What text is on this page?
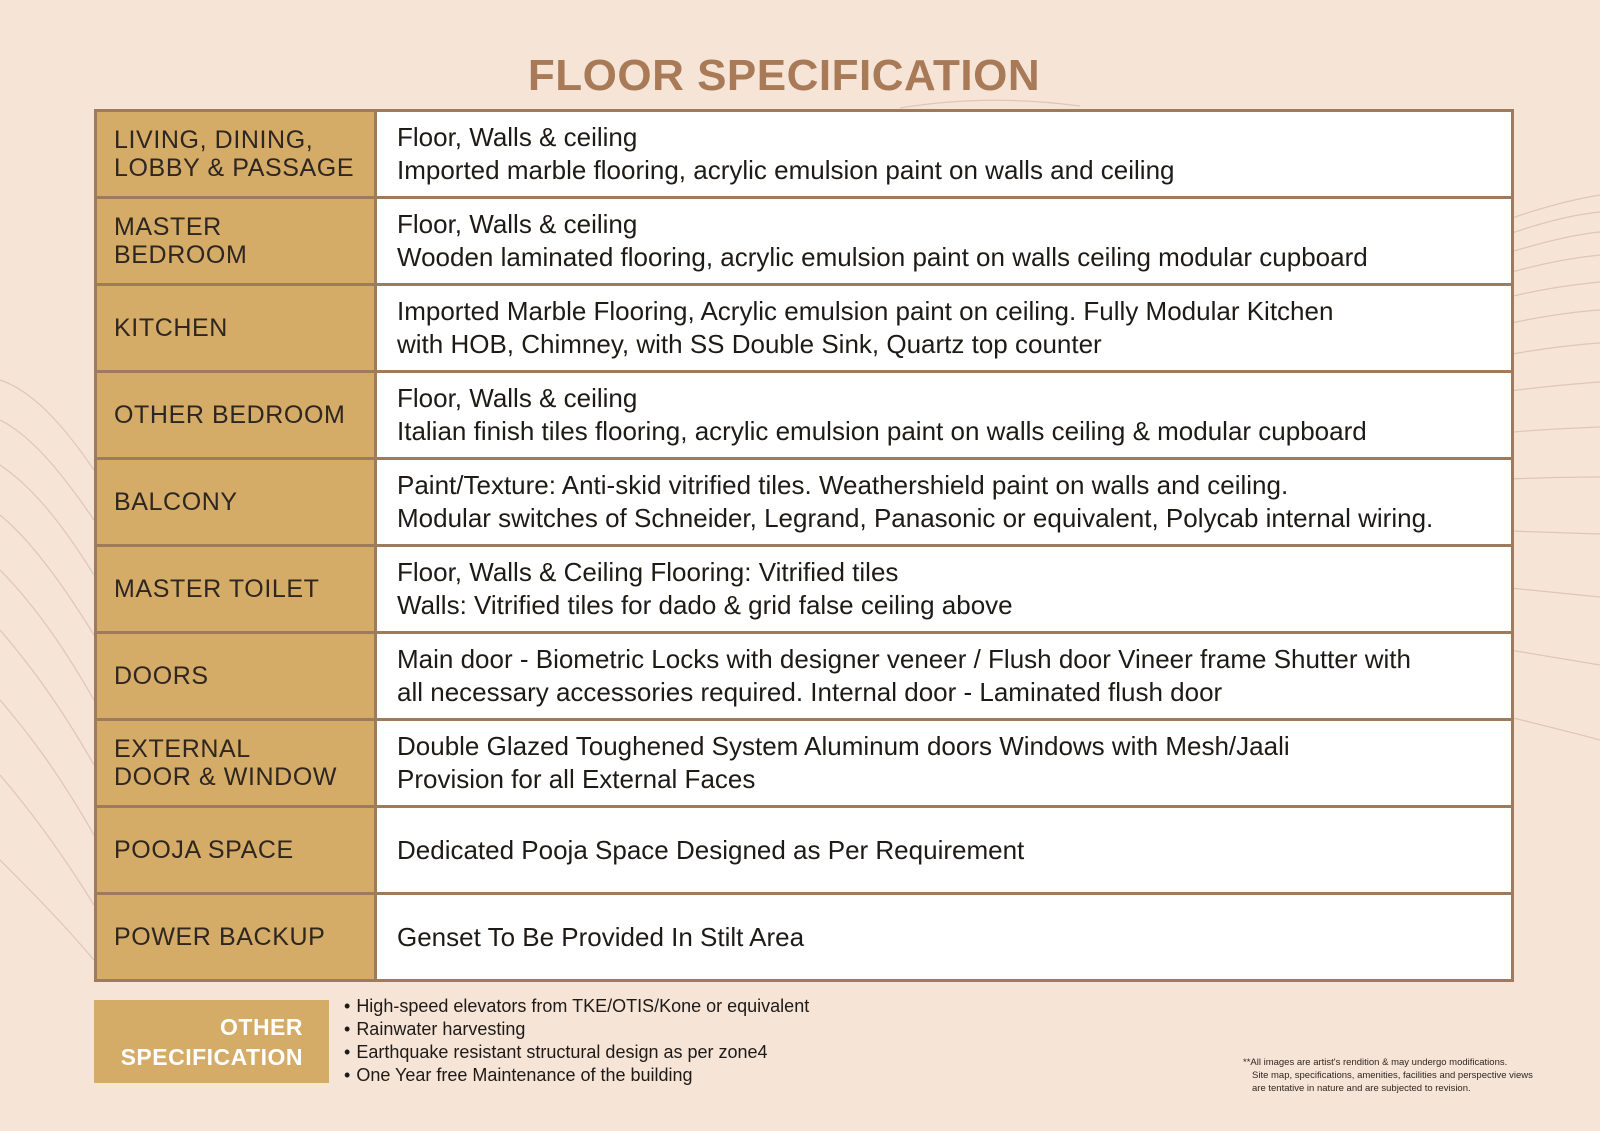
FLOOR SPECIFICATION
LIVING, DINING,
LOBBY & PASSAGE
Floor, Walls & ceiling
Imported marble flooring, acrylic emulsion paint on walls and ceiling
MASTER
BEDROOM
Floor, Walls & ceiling
Wooden laminated flooring, acrylic emulsion paint on walls ceiling modular cupboard
KITCHEN
Imported Marble Flooring, Acrylic emulsion paint on ceiling. Fully Modular Kitchen
with HOB, Chimney, with SS Double Sink, Quartz top counter
OTHER BEDROOM
Floor, Walls & ceiling
Italian finish tiles flooring, acrylic emulsion paint on walls ceiling & modular cupboard
BALCONY
Paint/Texture: Anti-skid vitrified tiles. Weathershield paint on walls and ceiling.
Modular switches of Schneider, Legrand, Panasonic or equivalent, Polycab internal wiring.
MASTER TOILET
Floor, Walls & Ceiling Flooring: Vitrified tiles
Walls: Vitrified tiles for dado & grid false ceiling above
DOORS
Main door - Biometric Locks with designer veneer / Flush door Vineer frame Shutter with
all necessary accessories required. Internal door - Laminated flush door
EXTERNAL
DOOR & WINDOW
Double Glazed Toughened System Aluminum doors Windows with Mesh/Jaali
Provision for all External Faces
POOJA SPACE	Dedicated Pooja Space Designed as Per Requirement
POWER BACKUP	Genset To Be Provided In Stilt Area
OTHER
SPECIFICATION
• High-speed elevators from TKE/OTIS/Kone or equivalent
• Rainwater harvesting
• Earthquake resistant structural design as per zone4
• One Year free Maintenance of the building
**All images are artist's rendition & may undergo modifications.
Site map, specifications, amenities, facilities and perspective views
are tentative in nature and are subjected to revision.
